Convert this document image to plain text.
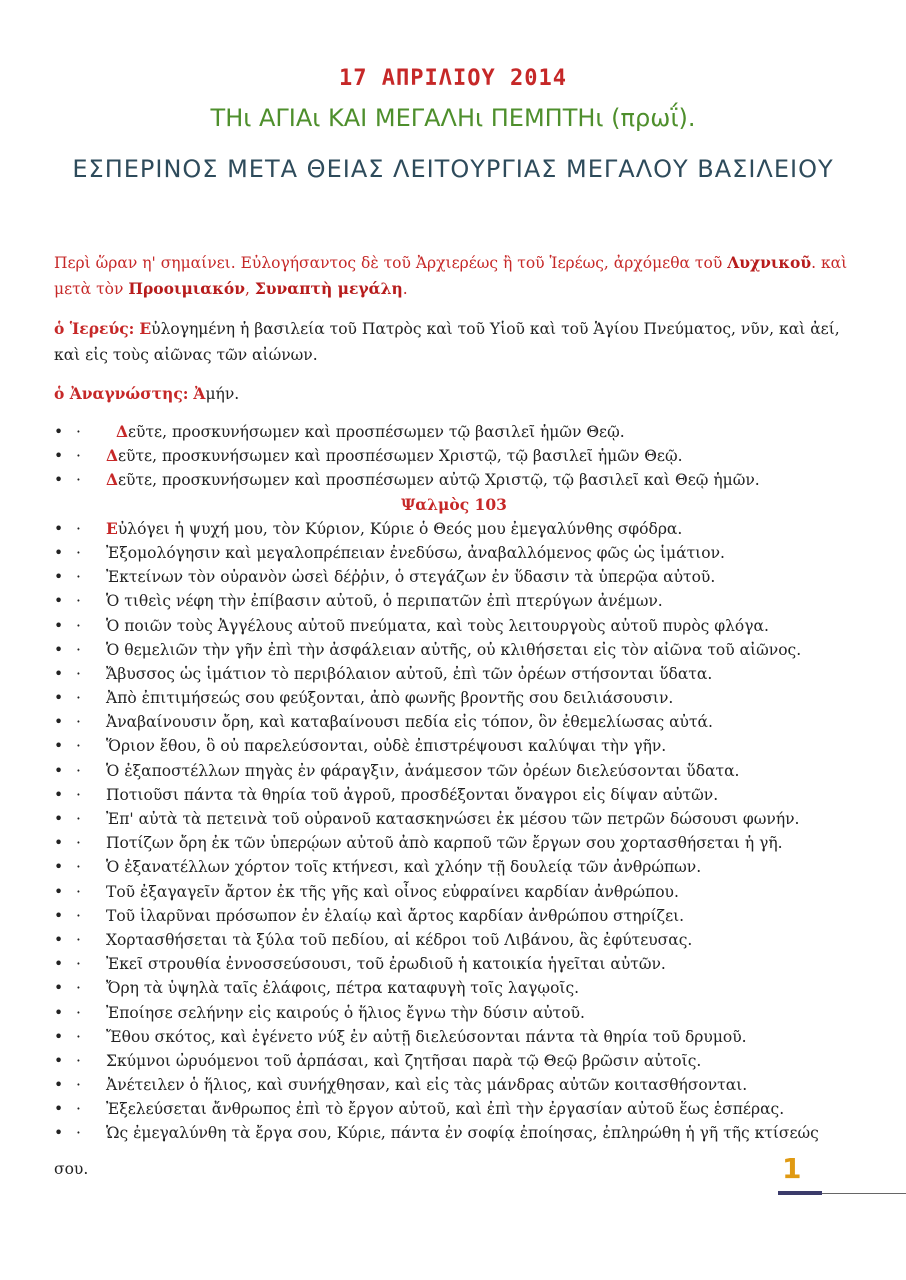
17 ΑΠΡΙΛΙΟΥ 2014
ΤΗι ΑΓΙΑι ΚΑΙ ΜΕΓΑΛΗι ΠΕΜΠΤΗι (πρωΐ).
ΕΣΠΕΡΙΝΟΣ ΜΕΤΑ ΘΕΙΑΣ ΛΕΙΤΟΥΡΓΙΑΣ ΜΕΓΑΛΟΥ ΒΑΣΙΛΕΙΟΥ
Περὶ ὥραν η' σημαίνει. Εὐλογήσαντος δὲ τοῦ Ἀρχιερέως ἢ τοῦ Ἱερέως, ἀρχόμεθα τοῦ Λυχνικοῦ. καὶ μετὰ τὸν Προοιμιακόν, Συναπτὴ μεγάλη.
ὁ Ἱερεύς: Εὐλογημένη ἡ βασιλεία τοῦ Πατρὸς καὶ τοῦ Υἱοῦ καὶ τοῦ Ἁγίου Πνεύματος, νῦν, καὶ ἀεί, καὶ εἰς τοὺς αἰῶνας τῶν αἰώνων.
ὁ Ἀναγνώστης: Ἀμήν.
• · Δεῦτε, προσκυνήσωμεν καὶ προσπέσωμεν τῷ βασιλεῖ ἡμῶν Θεῷ.
• · Δεῦτε, προσκυνήσωμεν καὶ προσπέσωμεν Χριστῷ, τῷ βασιλεῖ ἡμῶν Θεῷ.
• · Δεῦτε, προσκυνήσωμεν καὶ προσπέσωμεν αὐτῷ Χριστῷ, τῷ βασιλεῖ καὶ Θεῷ ἡμῶν.
Ψαλμὸς 103
• · Εὐλόγει ἡ ψυχή μου, τὸν Κύριον, Κύριε ὁ Θεός μου ἐμεγαλύνθης σφόδρα.
• · Ἐξομολόγησιν καὶ μεγαλοπρέπειαν ἐνεδύσω, ἀναβαλλόμενος φῶς ὡς ἱμάτιον.
• · Ἐκτείνων τὸν οὐρανὸν ὡσεὶ δέῤῥιν, ὁ στεγάζων ἐν ὕδασιν τὰ ὑπερῷα αὐτοῦ.
• · Ὁ τιθεὶς νέφη τὴν ἐπίβασιν αὐτοῦ, ὁ περιπατῶν ἐπὶ πτερύγων ἀνέμων.
• · Ὁ ποιῶν τοὺς Ἀγγέλους αὐτοῦ πνεύματα, καὶ τοὺς λειτουργοὺς αὐτοῦ πυρὸς φλόγα.
• · Ὁ θεμελιῶν τὴν γῆν ἐπὶ τὴν ἀσφάλειαν αὐτῆς, οὐ κλιθήσεται εἰς τὸν αἰῶνα τοῦ αἰῶνος.
• · Ἄβυσσος ὡς ἱμάτιον τὸ περιβόλαιον αὐτοῦ, ἐπὶ τῶν ὀρέων στήσονται ὕδατα.
• · Ἀπὸ ἐπιτιμήσεώς σου φεύξονται, ἀπὸ φωνῆς βροντῆς σου δειλιάσουσιν.
• · Ἀναβαίνουσιν ὄρη, καὶ καταβαίνουσι πεδία εἰς τόπον, ὃν ἐθεμελίωσας αὐτά.
• · Ὅριον ἔθου, ὃ οὐ παρελεύσονται, οὐδὲ ἐπιστρέψουσι καλύψαι τὴν γῆν.
• · Ὁ ἐξαποστέλλων πηγὰς ἐν φάραγξιν, ἀνάμεσον τῶν ὀρέων διελεύσονται ὕδατα.
• · Ποτιοῦσι πάντα τὰ θηρία τοῦ ἀγροῦ, προσδέξονται ὄναγροι εἰς δίψαν αὐτῶν.
• · Ἐπ' αὐτὰ τὰ πετεινὰ τοῦ οὐρανοῦ κατασκηνώσει ἐκ μέσου τῶν πετρῶν δώσουσι φωνήν.
• · Ποτίζων ὄρη ἐκ τῶν ὑπερῴων αὐτοῦ ἀπὸ καρποῦ τῶν ἔργων σου χορτασθήσεται ἡ γῆ.
• · Ὁ ἐξανατέλλων χόρτον τοῖς κτήνεσι, καὶ χλόην τῇ δουλείᾳ τῶν ἀνθρώπων.
• · Τοῦ ἐξαγαγεῖν ἄρτον ἐκ τῆς γῆς καὶ οἶνος εὐφραίνει καρδίαν ἀνθρώπου.
• · Τοῦ ἱλαρῦναι πρόσωπον ἐν ἐλαίῳ καὶ ἄρτος καρδίαν ἀνθρώπου στηρίζει.
• · Χορτασθήσεται τὰ ξύλα τοῦ πεδίου, αἱ κέδροι τοῦ Λιβάνου, ἃς ἐφύτευσας.
• · Ἐκεῖ στρουθία ἐννοσσεύσουσι, τοῦ ἐρωδιοῦ ἡ κατοικία ἡγεῖται αὐτῶν.
• · Ὄρη τὰ ὑψηλὰ ταῖς ἐλάφοις, πέτρα καταφυγὴ τοῖς λαγῳοῖς.
• · Ἐποίησε σελήνην εἰς καιρούς ὁ ἥλιος ἔγνω τὴν δύσιν αὐτοῦ.
• · Ἔθου σκότος, καὶ ἐγένετο νύξ ἐν αὐτῇ διελεύσονται πάντα τὰ θηρία τοῦ δρυμοῦ.
• · Σκύμνοι ὠρυόμενοι τοῦ ἁρπάσαι, καὶ ζητῆσαι παρὰ τῷ Θεῷ βρῶσιν αὐτοῖς.
• · Ἀνέτειλεν ὁ ἥλιος, καὶ συνήχθησαν, καὶ εἰς τὰς μάνδρας αὐτῶν κοιτασθήσονται.
• · Ἐξελεύσεται ἄνθρωπος ἐπὶ τὸ ἔργον αὐτοῦ, καὶ ἐπὶ τὴν ἐργασίαν αὐτοῦ ἕως ἑσπέρας.
• · Ὡς ἐμεγαλύνθη τὰ ἔργα σου, Κύριε, πάντα ἐν σοφίᾳ ἐποίησας, ἐπληρώθη ἡ γῆ τῆς κτίσεώς
σου.	1
